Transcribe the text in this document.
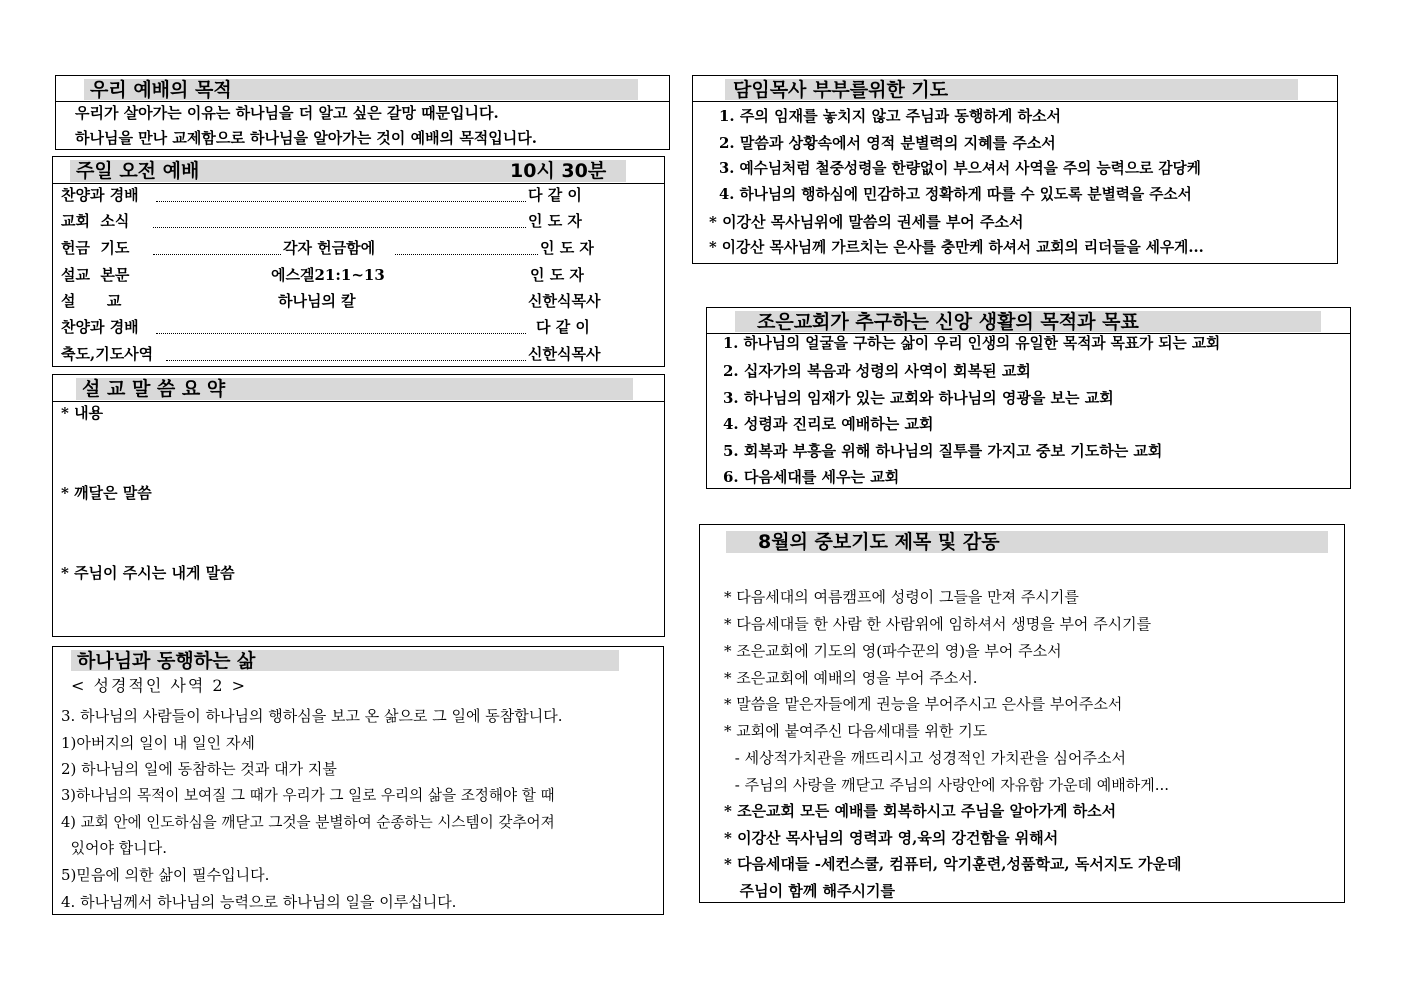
우리 예배의 목적
우리가 살아가는 이유는 하나님을 더 알고 싶은 갈망 때문입니다.
하나님을 만나 교제함으로 하나님을 알아가는 것이 예배의 목적입니다.
주일 오전 예배	10시 30분
찬양과 경배	다 같 이
교회  소식	인 도 자
헌금  기도	각자 헌금함에	인 도 자
설교  본문	에스겔21:1~13	인 도 자
설      교	하나님의 칼	신한식목사
찬양과 경배	다 같 이
축도,기도사역	신한식목사
설 교 말 씀 요 약
* 내용
* 깨달은 말씀
* 주님이 주시는 내게 말씀
하나님과 동행하는 삶
< 성경적인 사역 2 >
3. 하나님의 사람들이 하나님의 행하심을 보고 온 삶으로 그 일에 동참합니다.
1)아버지의 일이 내 일인 자세
2) 하나님의 일에 동참하는 것과 대가 지불
3)하나님의 목적이 보여질 그 때가 우리가 그 일로 우리의 삶을 조정해야 할 때
4) 교회 안에 인도하심을 깨닫고 그것을 분별하여 순종하는 시스템이 갖추어져
있어야 합니다.
5)믿음에 의한 삶이 필수입니다.
4. 하나님께서 하나님의 능력으로 하나님의 일을 이루십니다.
담임목사 부부를위한 기도
1. 주의 임재를 놓치지 않고 주님과 동행하게 하소서
2. 말씀과 상황속에서 영적 분별력의 지혜를 주소서
3. 예수님처럼 철중성령을 한량없이 부으셔서 사역을 주의 능력으로 감당케
4. 하나님의 행하심에 민감하고 정확하게 따를 수 있도록 분별력을 주소서
* 이강산 목사님위에 말씀의 권세를 부어 주소서
* 이강산 목사님께 가르치는 은사를 충만케 하셔서 교회의 리더들을 세우게...
조은교회가 추구하는 신앙 생활의 목적과 목표
1. 하나님의 얼굴을 구하는 삶이 우리 인생의 유일한 목적과 목표가 되는 교회
2. 십자가의 복음과 성령의 사역이 회복된 교회
3. 하나님의 임재가 있는 교회와 하나님의 영광을 보는 교회
4. 성령과 진리로 예배하는 교회
5. 회복과 부흥을 위해 하나님의 질투를 가지고 중보 기도하는 교회
6. 다음세대를 세우는 교회
8월의 중보기도 제목 및 감동
* 다음세대의 여름캠프에 성령이 그들을 만져 주시기를
* 다음세대들 한 사람 한 사람위에 임하셔서 생명을 부어 주시기를
* 조은교회에 기도의 영(파수꾼의 영)을 부어 주소서
* 조은교회에 예배의 영을 부어 주소서.
* 말씀을 맡은자들에게 권능을 부어주시고 은사를 부어주소서
* 교회에 붙여주신 다음세대를 위한 기도
- 세상적가치관을 깨뜨리시고 성경적인 가치관을 심어주소서
- 주님의 사랑을 깨닫고 주님의 사랑안에 자유함 가운데 예배하게...
* 조은교회 모든 예배를 회복하시고 주님을 알아가게 하소서
* 이강산 목사님의 영력과 영,육의 강건함을 위해서
* 다음세대들 -세컨스쿨, 컴퓨터, 악기훈련,성품학교, 독서지도 가운데
주님이 함께 해주시기를
